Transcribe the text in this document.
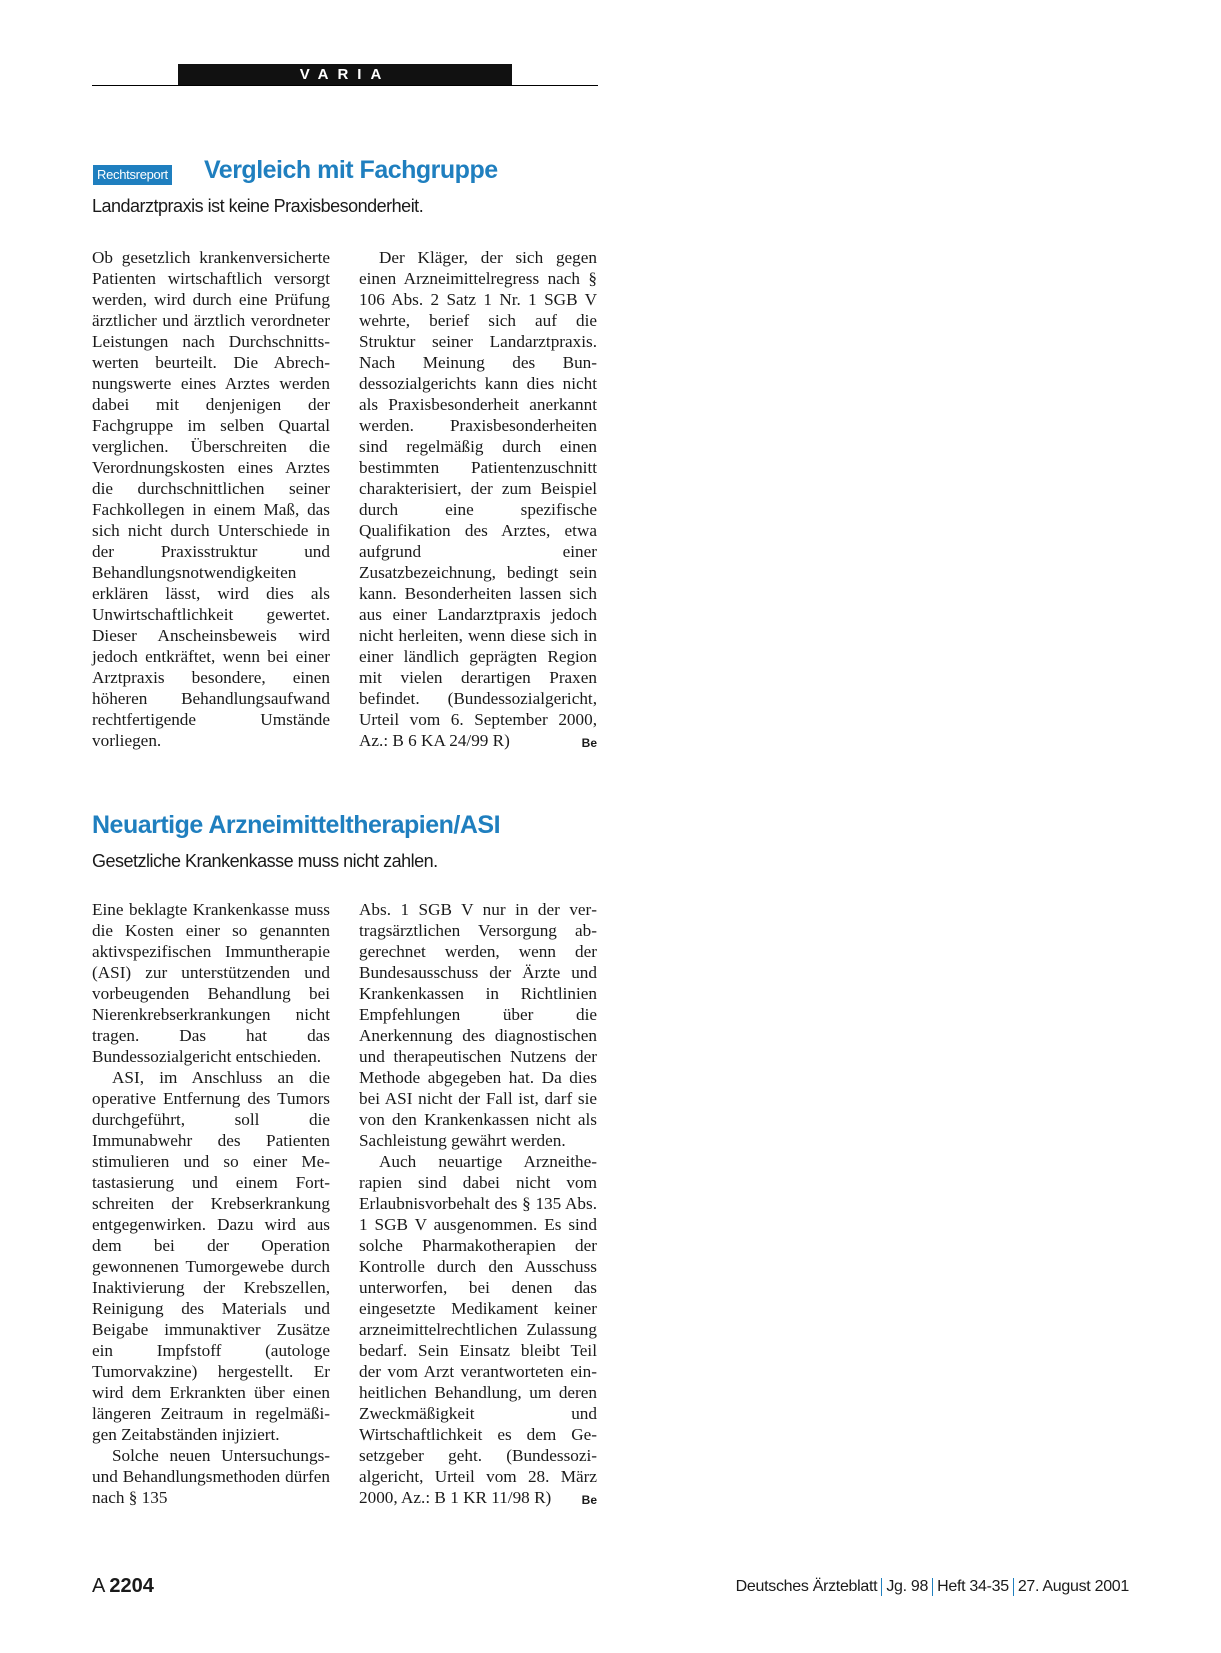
VARIA
Rechtsreport Vergleich mit Fachgruppe
Landarztpraxis ist keine Praxisbesonderheit.

Ob gesetzlich krankenversicherte Patienten wirtschaftlich versorgt werden, wird durch eine Prüfung ärztlicher und ärztlich verordneter Leistungen nach Durchschnittswerten beurteilt. Die Abrechnungswerte eines Arztes werden dabei mit denjenigen der Fachgruppe im selben Quartal verglichen. Überschreiten die Verordnungskosten eines Arztes die durchschnittlichen seiner Fachkollegen in einem Maß, das sich nicht durch Unterschiede in der Praxisstruktur und Behandlungsnotwendigkeiten erklären lässt, wird dies als Unwirtschaftlichkeit gewertet. Dieser Anscheinsbeweis wird jedoch entkräftet, wenn bei einer Arztpraxis besondere, einen höheren Behandlungsaufwand rechtfertigende Umstände vorliegen.

Der Kläger, der sich gegen einen Arzneimittelregress nach § 106 Abs. 2 Satz 1 Nr. 1 SGB V wehrte, berief sich auf die Struktur seiner Landarztpraxis. Nach Meinung des Bundessozialgerichts kann dies nicht als Praxisbesonderheit anerkannt werden. Praxisbesonderheiten sind regelmäßig durch einen bestimmten Patientenzuschnitt charakterisiert, der zum Beispiel durch eine spezifische Qualifikation des Arztes, etwa aufgrund einer Zusatzbezeichnung, bedingt sein kann. Besonderheiten lassen sich aus einer Landarztpraxis jedoch nicht herleiten, wenn diese sich in einer ländlich geprägten Region mit vielen derartigen Praxen befindet. (Bundessozialgericht, Urteil vom 6. September 2000, Az.: B 6 KA 24/99 R)	Be

Neuartige Arzneimitteltherapien/ASI
Gesetzliche Krankenkasse muss nicht zahlen.

Eine beklagte Krankenkasse muss die Kosten einer so genannten aktivspezifischen Immuntherapie (ASI) zur unterstützenden und vorbeugenden Behandlung bei Nierenkrebserkrankungen nicht tragen. Das hat das Bundessozialgericht entschieden.

ASI, im Anschluss an die operative Entfernung des Tumors durchgeführt, soll die Immunabwehr des Patienten stimulieren und so einer Metastasierung und einem Fortschreiten der Krebserkrankung entgegenwirken. Dazu wird aus dem bei der Operation gewonnenen Tumorgewebe durch Inaktivierung der Krebszellen, Reinigung des Materials und Beigabe immunaktiver Zusätze ein Impfstoff (autologe Tumorvakzine) hergestellt. Er wird dem Erkrankten über einen längeren Zeitraum in regelmäßigen Zeitabständen injiziert.

Solche neuen Untersuchungs- und Behandlungsmethoden dürfen nach § 135

Abs. 1 SGB V nur in der vertragsärztlichen Versorgung abgerechnet werden, wenn der Bundesausschuss der Ärzte und Krankenkassen in Richtlinien Empfehlungen über die Anerkennung des diagnostischen und therapeutischen Nutzens der Methode abgegeben hat. Da dies bei ASI nicht der Fall ist, darf sie von den Krankenkassen nicht als Sachleistung gewährt werden.

Auch neuartige Arzneitherapien sind dabei nicht vom Erlaubnisvorbehalt des § 135 Abs. 1 SGB V ausgenommen. Es sind solche Pharmakotherapien der Kontrolle durch den Ausschuss unterworfen, bei denen das eingesetzte Medikament keiner arzneimittelrechtlichen Zulassung bedarf. Sein Einsatz bleibt Teil der vom Arzt verantworteten einheitlichen Behandlung, um deren Zweckmäßigkeit und Wirtschaftlichkeit es dem Gesetzgeber geht. (Bundessozialgericht, Urteil vom 28. März 2000, Az.: B 1 KR 11/98 R)	Be

A 2204	Deutsches Ärzteblatt Jg. 98 Heft 34-35 27. August 2001
